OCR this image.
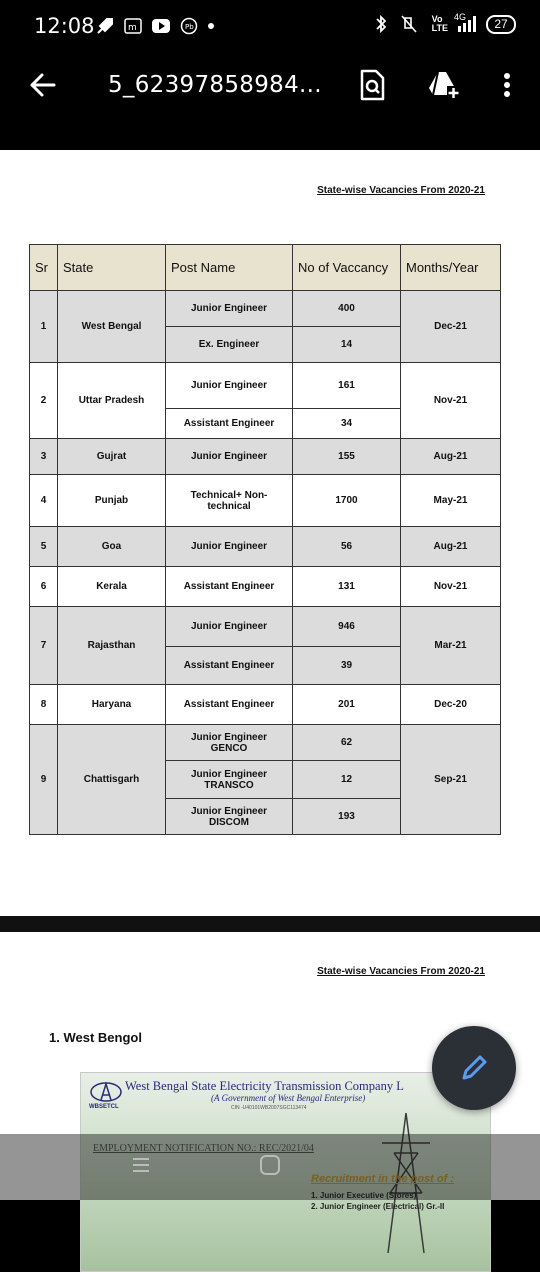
12:08	m	Pb
Vo
LTE
4G	27
5_62397858984...
State-wise Vacancies From 2020-21
Sr	State	Post Name	No of Vaccancy	Months/Year
1	West Bengal	Junior Engineer	400	Dec-21
		Ex. Engineer	14	
2	Uttar Pradesh	Junior Engineer	161	Nov-21
		Assistant Engineer	34	
3	Gujrat	Junior Engineer	155	Aug-21
4	Punjab	Technical+ Non-technical	1700	May-21
5	Goa	Junior Engineer	56	Aug-21
6	Kerala	Assistant Engineer	131	Nov-21
7	Rajasthan	Junior Engineer	946	Mar-21
		Assistant Engineer	39	
8	Haryana	Assistant Engineer	201	Dec-20
9	Chattisgarh	Junior Engineer GENCO	62	Sep-21
		Junior Engineer TRANSCO	12	
		Junior Engineer DISCOM	193	
State-wise Vacancies From 2020-21
1. West Bengol
WBSETCL
West Bengal State Electricity Transmission Company L
(A Government of West Bengal Enterprise)
CIN -U40101WB2007SGC113474
EMPLOYMENT NOTIFICATION NO.: REC/2021/04
Recruitment in the post of :
1. Junior Executive (Stores)
2. Junior Engineer (Electrical) Gr.-II
